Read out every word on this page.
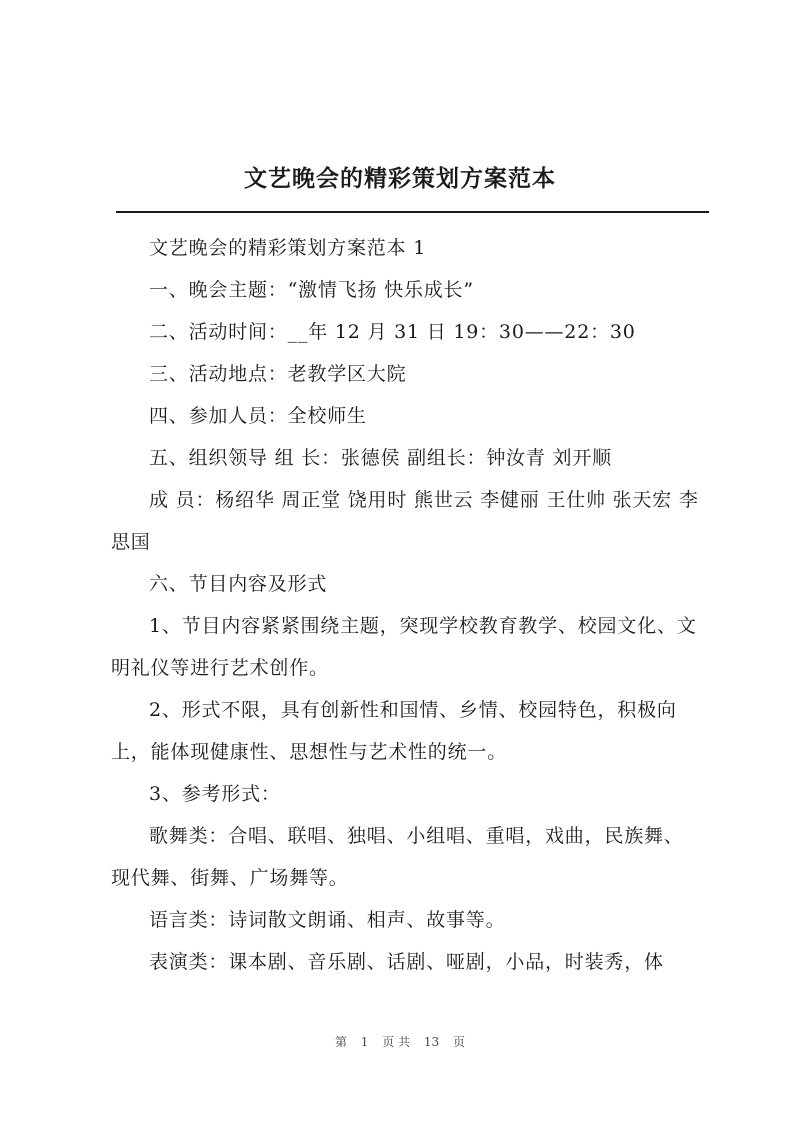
文艺晚会的精彩策划方案范本

文艺晚会的精彩策划方案范本 1

一、晚会主题：“激情飞扬 快乐成长”

二、活动时间：__年 12 月 31 日 19：30——22：30

三、活动地点：老教学区大院

四、参加人员：全校师生

五、组织领导 组 长：张德侯 副组长：钟汝青 刘开顺

成 员：杨绍华 周正堂 饶用时 熊世云 李健丽 王仕帅 张天宏 李思国

六、节目内容及形式

1、节目内容紧紧围绕主题，突现学校教育教学、校园文化、文明礼仪等进行艺术创作。

2、形式不限，具有创新性和国情、乡情、校园特色，积极向上，能体现健康性、思想性与艺术性的统一。

3、参考形式：

歌舞类：合唱、联唱、独唱、小组唱、重唱，戏曲，民族舞、现代舞、街舞、广场舞等。

语言类：诗词散文朗诵、相声、故事等。

表演类：课本剧、音乐剧、话剧、哑剧，小品，时装秀，体

第 1 页 共 13 页
